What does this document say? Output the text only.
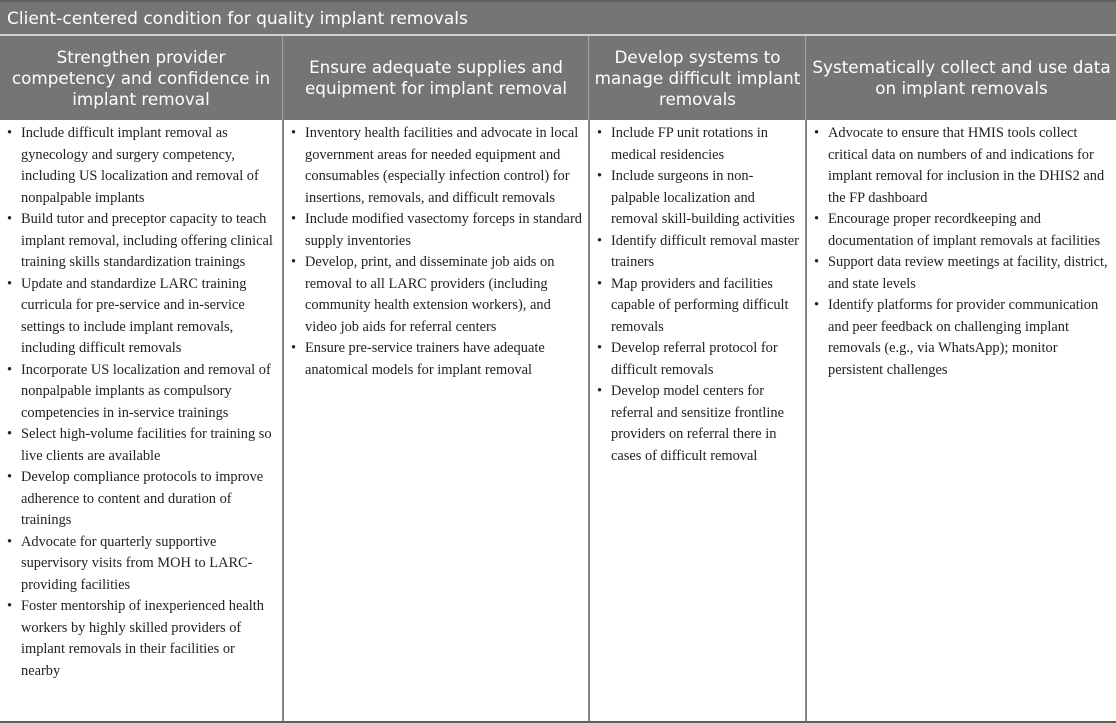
Client-centered condition for quality implant removals
Strengthen provider competency and confidence in implant removal
• Include difficult implant removal as gynecology and surgery competency, including US localization and removal of nonpalpable implants
• Build tutor and preceptor capacity to teach implant removal, including offering clinical training skills standardization trainings
• Update and standardize LARC training curricula for pre-service and in-service settings to include implant removals, including difficult removals
• Incorporate US localization and removal of nonpalpable implants as compulsory competencies in in-service trainings
• Select high-volume facilities for training so live clients are available
• Develop compliance protocols to improve adherence to content and duration of trainings
• Advocate for quarterly supportive supervisory visits from MOH to LARC-providing facilities
• Foster mentorship of inexperienced health workers by highly skilled providers of implant removals in their facilities or nearby
Ensure adequate supplies and equipment for implant removal
• Inventory health facilities and advocate in local government areas for needed equipment and consumables (especially infection control) for insertions, removals, and difficult removals
• Include modified vasectomy forceps in standard supply inventories
• Develop, print, and disseminate job aids on removal to all LARC providers (including community health extension workers), and video job aids for referral centers
• Ensure pre-service trainers have adequate anatomical models for implant removal
Develop systems to manage difficult implant removals
• Include FP unit rotations in medical residencies
• Include surgeons in non-palpable localization and removal skill-building activities
• Identify difficult removal master trainers
• Map providers and facilities capable of performing difficult removals
• Develop referral protocol for difficult removals
• Develop model centers for referral and sensitize frontline providers on referral there in cases of difficult removal
Systematically collect and use data on implant removals
• Advocate to ensure that HMIS tools collect critical data on numbers of and indications for implant removal for inclusion in the DHIS2 and the FP dashboard
• Encourage proper recordkeeping and documentation of implant removals at facilities
• Support data review meetings at facility, district, and state levels
• Identify platforms for provider communication and peer feedback on challenging implant removals (e.g., via WhatsApp); monitor persistent challenges
